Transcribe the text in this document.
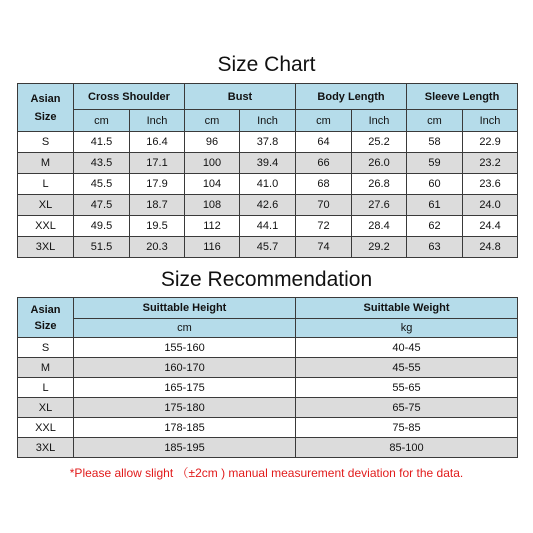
Size Chart
Asian
Size	Cross Shoulder		Bust		Body Length		Sleeve Length	
	cm	Inch	cm	Inch	cm	Inch	cm	Inch
S	41.5	16.4	96	37.8	64	25.2	58	22.9
M	43.5	17.1	100	39.4	66	26.0	59	23.2
L	45.5	17.9	104	41.0	68	26.8	60	23.6
XL	47.5	18.7	108	42.6	70	27.6	61	24.0
XXL	49.5	19.5	112	44.1	72	28.4	62	24.4
3XL	51.5	20.3	116	45.7	74	29.2	63	24.8
Size Recommendation
Asian
Size	Suittable Height	Suittable Weight
	cm	kg
S	155-160	40-45
M	160-170	45-55
L	165-175	55-65
XL	175-180	65-75
XXL	178-185	75-85
3XL	185-195	85-100
*Please allow slight （±2cm ) manual measurement deviation for the data.
